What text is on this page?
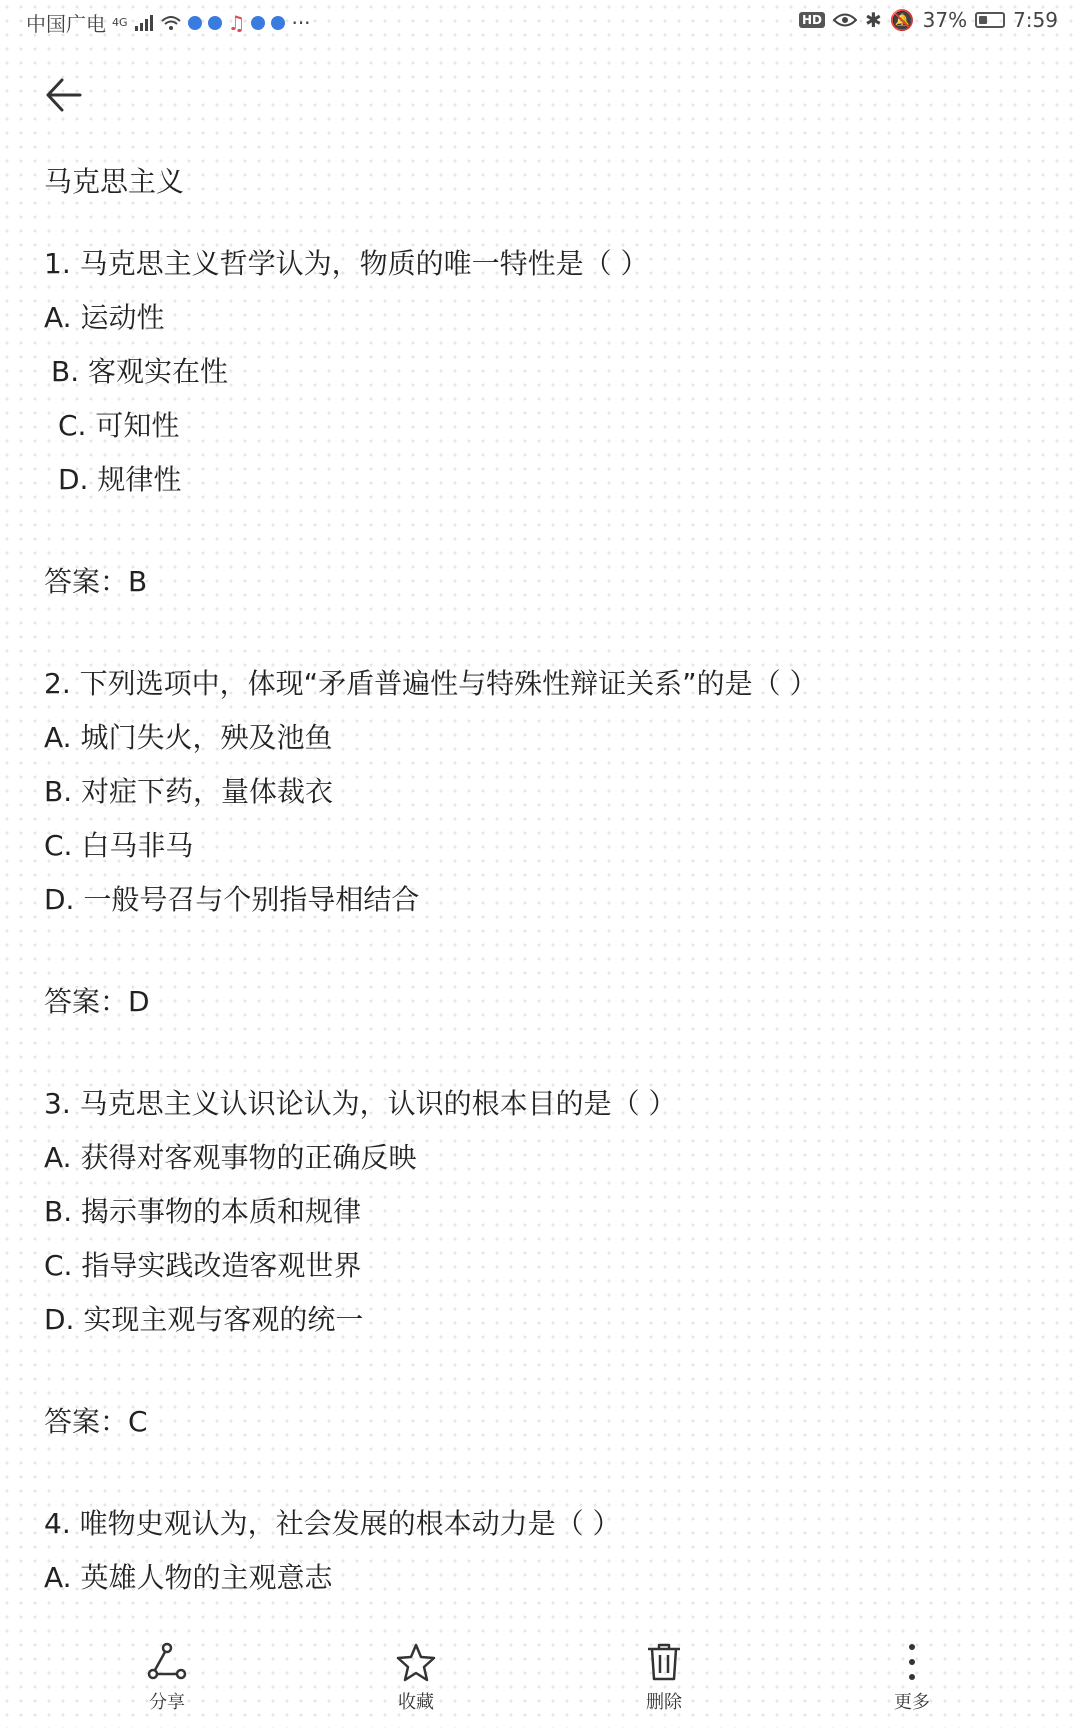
中国广电 4G	♫ ···	HD ✱ 🔕 37% 7:59
马克思主义
1. 马克思主义哲学认为，物质的唯一特性是（ ）
A. 运动性
B. 客观实在性
C. 可知性
D. 规律性
答案：B
2. 下列选项中，体现“矛盾普遍性与特殊性辩证关系”的是（ ）
A. 城门失火，殃及池鱼
B. 对症下药，量体裁衣
C. 白马非马
D. 一般号召与个别指导相结合
答案：D
3. 马克思主义认识论认为，认识的根本目的是（ ）
A. 获得对客观事物的正确反映
B. 揭示事物的本质和规律
C. 指导实践改造客观世界
D. 实现主观与客观的统一
答案：C
4. 唯物史观认为，社会发展的根本动力是（ ）
A. 英雄人物的主观意志
分享	收藏	删除	更多
